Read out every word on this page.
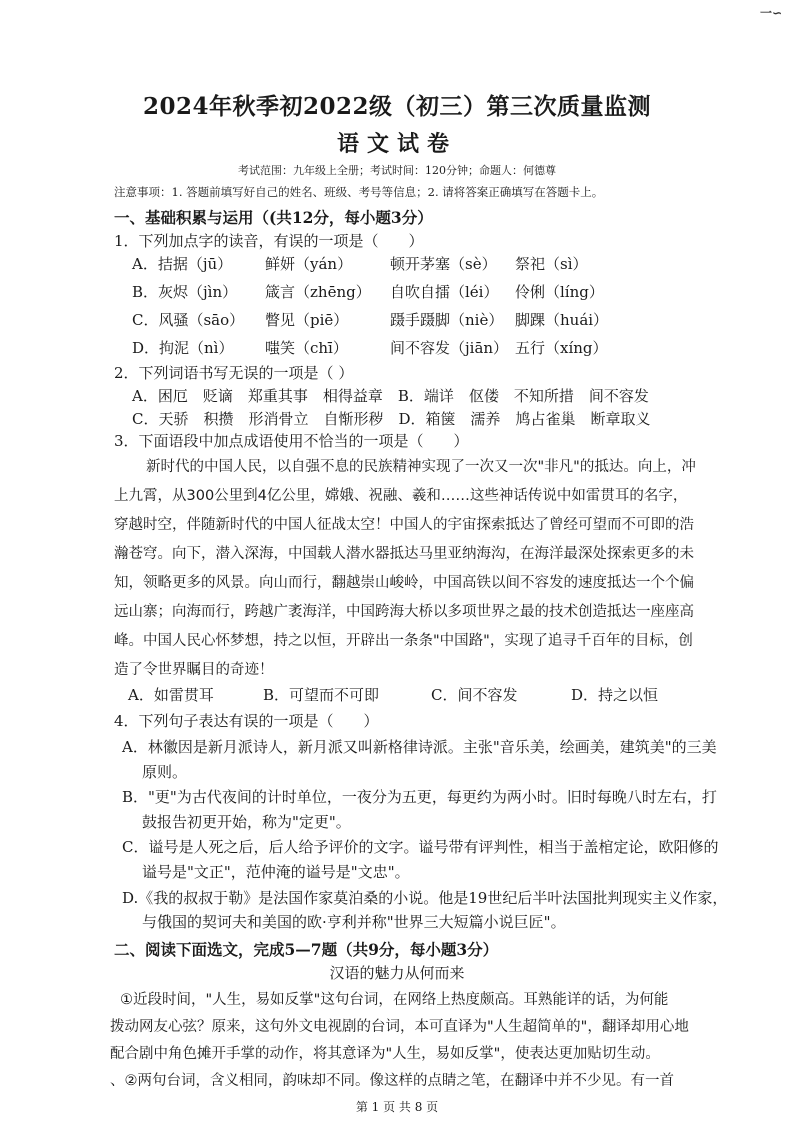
一∽
2024年秋季初2022级（初三）第三次质量监测
语文试卷
考试范围：九年级上全册；考试时间：120分钟；命题人：何德尊
注意事项：1. 答题前填写好自己的姓名、班级、考号等信息；2. 请将答案正确填写在答题卡上。
一、基础积累与运用（(共12分，每小题3分）
1．下列加点字的读音，有误的一项是（　　）
A．拮据（jū） 鲜妍（yán）	顿开茅塞（sè） 祭祀（sì）
B．灰烬（jìn） 箴言（zhēng） 自吹自擂（léi） 伶俐（líng）
C．风骚（sāo） 瞥见（piē）	蹑手蹑脚（niè） 脚踝（huái）
D．拘泥（nì） 嗤笑（chī）	间不容发（jiān） 五行（xíng）
2．下列词语书写无误的一项是（ ）
A．困厄　贬谪　郑重其事　相得益章　B．端详　伛偻　不知所措　间不容发
C．天骄　积攒　形消骨立　自惭形秽　D．箱箧　濡养　鸠占雀巢　断章取义
3．下面语段中加点成语使用不恰当的一项是（　　）
新时代的中国人民，以自强不息的民族精神实现了一次又一次"非凡"的抵达。向上，冲
上九霄，从300公里到4亿公里，嫦娥、祝融、羲和……这些神话传说中如雷贯耳的名字，
穿越时空，伴随新时代的中国人征战太空！中国人的宇宙探索抵达了曾经可望而不可即的浩
瀚苍穹。向下，潜入深海，中国载人潜水器抵达马里亚纳海沟，在海洋最深处探索更多的未
知，领略更多的风景。向山而行，翻越崇山峻岭，中国高铁以间不容发的速度抵达一个个偏
远山寨；向海而行，跨越广袤海洋，中国跨海大桥以多项世界之最的技术创造抵达一座座高
峰。中国人民心怀梦想，持之以恒，开辟出一条条"中国路"，实现了追寻千百年的目标，创
造了令世界瞩目的奇迹！
A．如雷贯耳	B．可望而不可即	C．间不容发	D．持之以恒
4．下列句子表达有误的一项是（　　）
A．林徽因是新月派诗人，新月派又叫新格律诗派。主张"音乐美，绘画美，建筑美"的三美
原则。
B．"更"为古代夜间的计时单位，一夜分为五更，每更约为两小时。旧时每晚八时左右，打
鼓报告初更开始，称为"定更"。
C．谥号是人死之后，后人给予评价的文字。谥号带有评判性，相当于盖棺定论，欧阳修的
谥号是"文正"，范仲淹的谥号是"文忠"。
D.《我的叔叔于勒》是法国作家莫泊桑的小说。他是19世纪后半叶法国批判现实主义作家，
与俄国的契诃夫和美国的欧·亨利并称"世界三大短篇小说巨匠"。
二、阅读下面选文，完成5—7题（共9分，每小题3分）
汉语的魅力从何而来
①近段时间，"人生，易如反掌"这句台词，在网络上热度颇高。耳熟能详的话，为何能
拨动网友心弦？原来，这句外文电视剧的台词，本可直译为"人生超简单的"，翻译却用心地
配合剧中角色摊开手掌的动作，将其意译为"人生，易如反掌"，使表达更加贴切生动。
、②两句台词，含义相同，韵味却不同。像这样的点睛之笔，在翻译中并不少见。有一首
第 1 页 共 8 页
